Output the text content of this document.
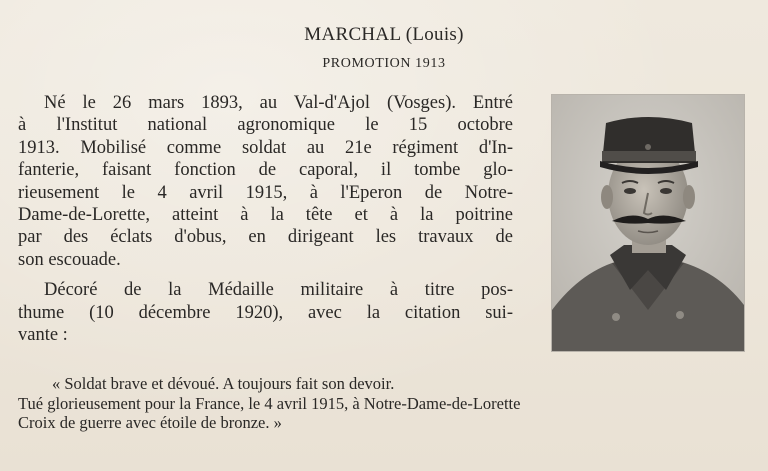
MARCHAL (Louis)
PROMOTION 1913
Né le 26 mars 1893, au Val-d'Ajol (Vosges). Entré
à l'Institut national agronomique le 15 octobre
1913. Mobilisé comme soldat au 21e régiment d'In-
fanterie, faisant fonction de caporal, il tombe glo-
rieusement le 4 avril 1915, à l'Eperon de Notre-
Dame-de-Lorette, atteint à la tête et à la poitrine
par des éclats d'obus, en dirigeant les travaux de
son escouade.
Décoré de la Médaille militaire à titre pos-
thume (10 décembre 1920), avec la citation sui-
vante :
« Soldat brave et dévoué. A toujours fait son devoir.
Tué glorieusement pour la France, le 4 avril 1915, à Notre-Dame-de-Lorette
Croix de guerre avec étoile de bronze. »
